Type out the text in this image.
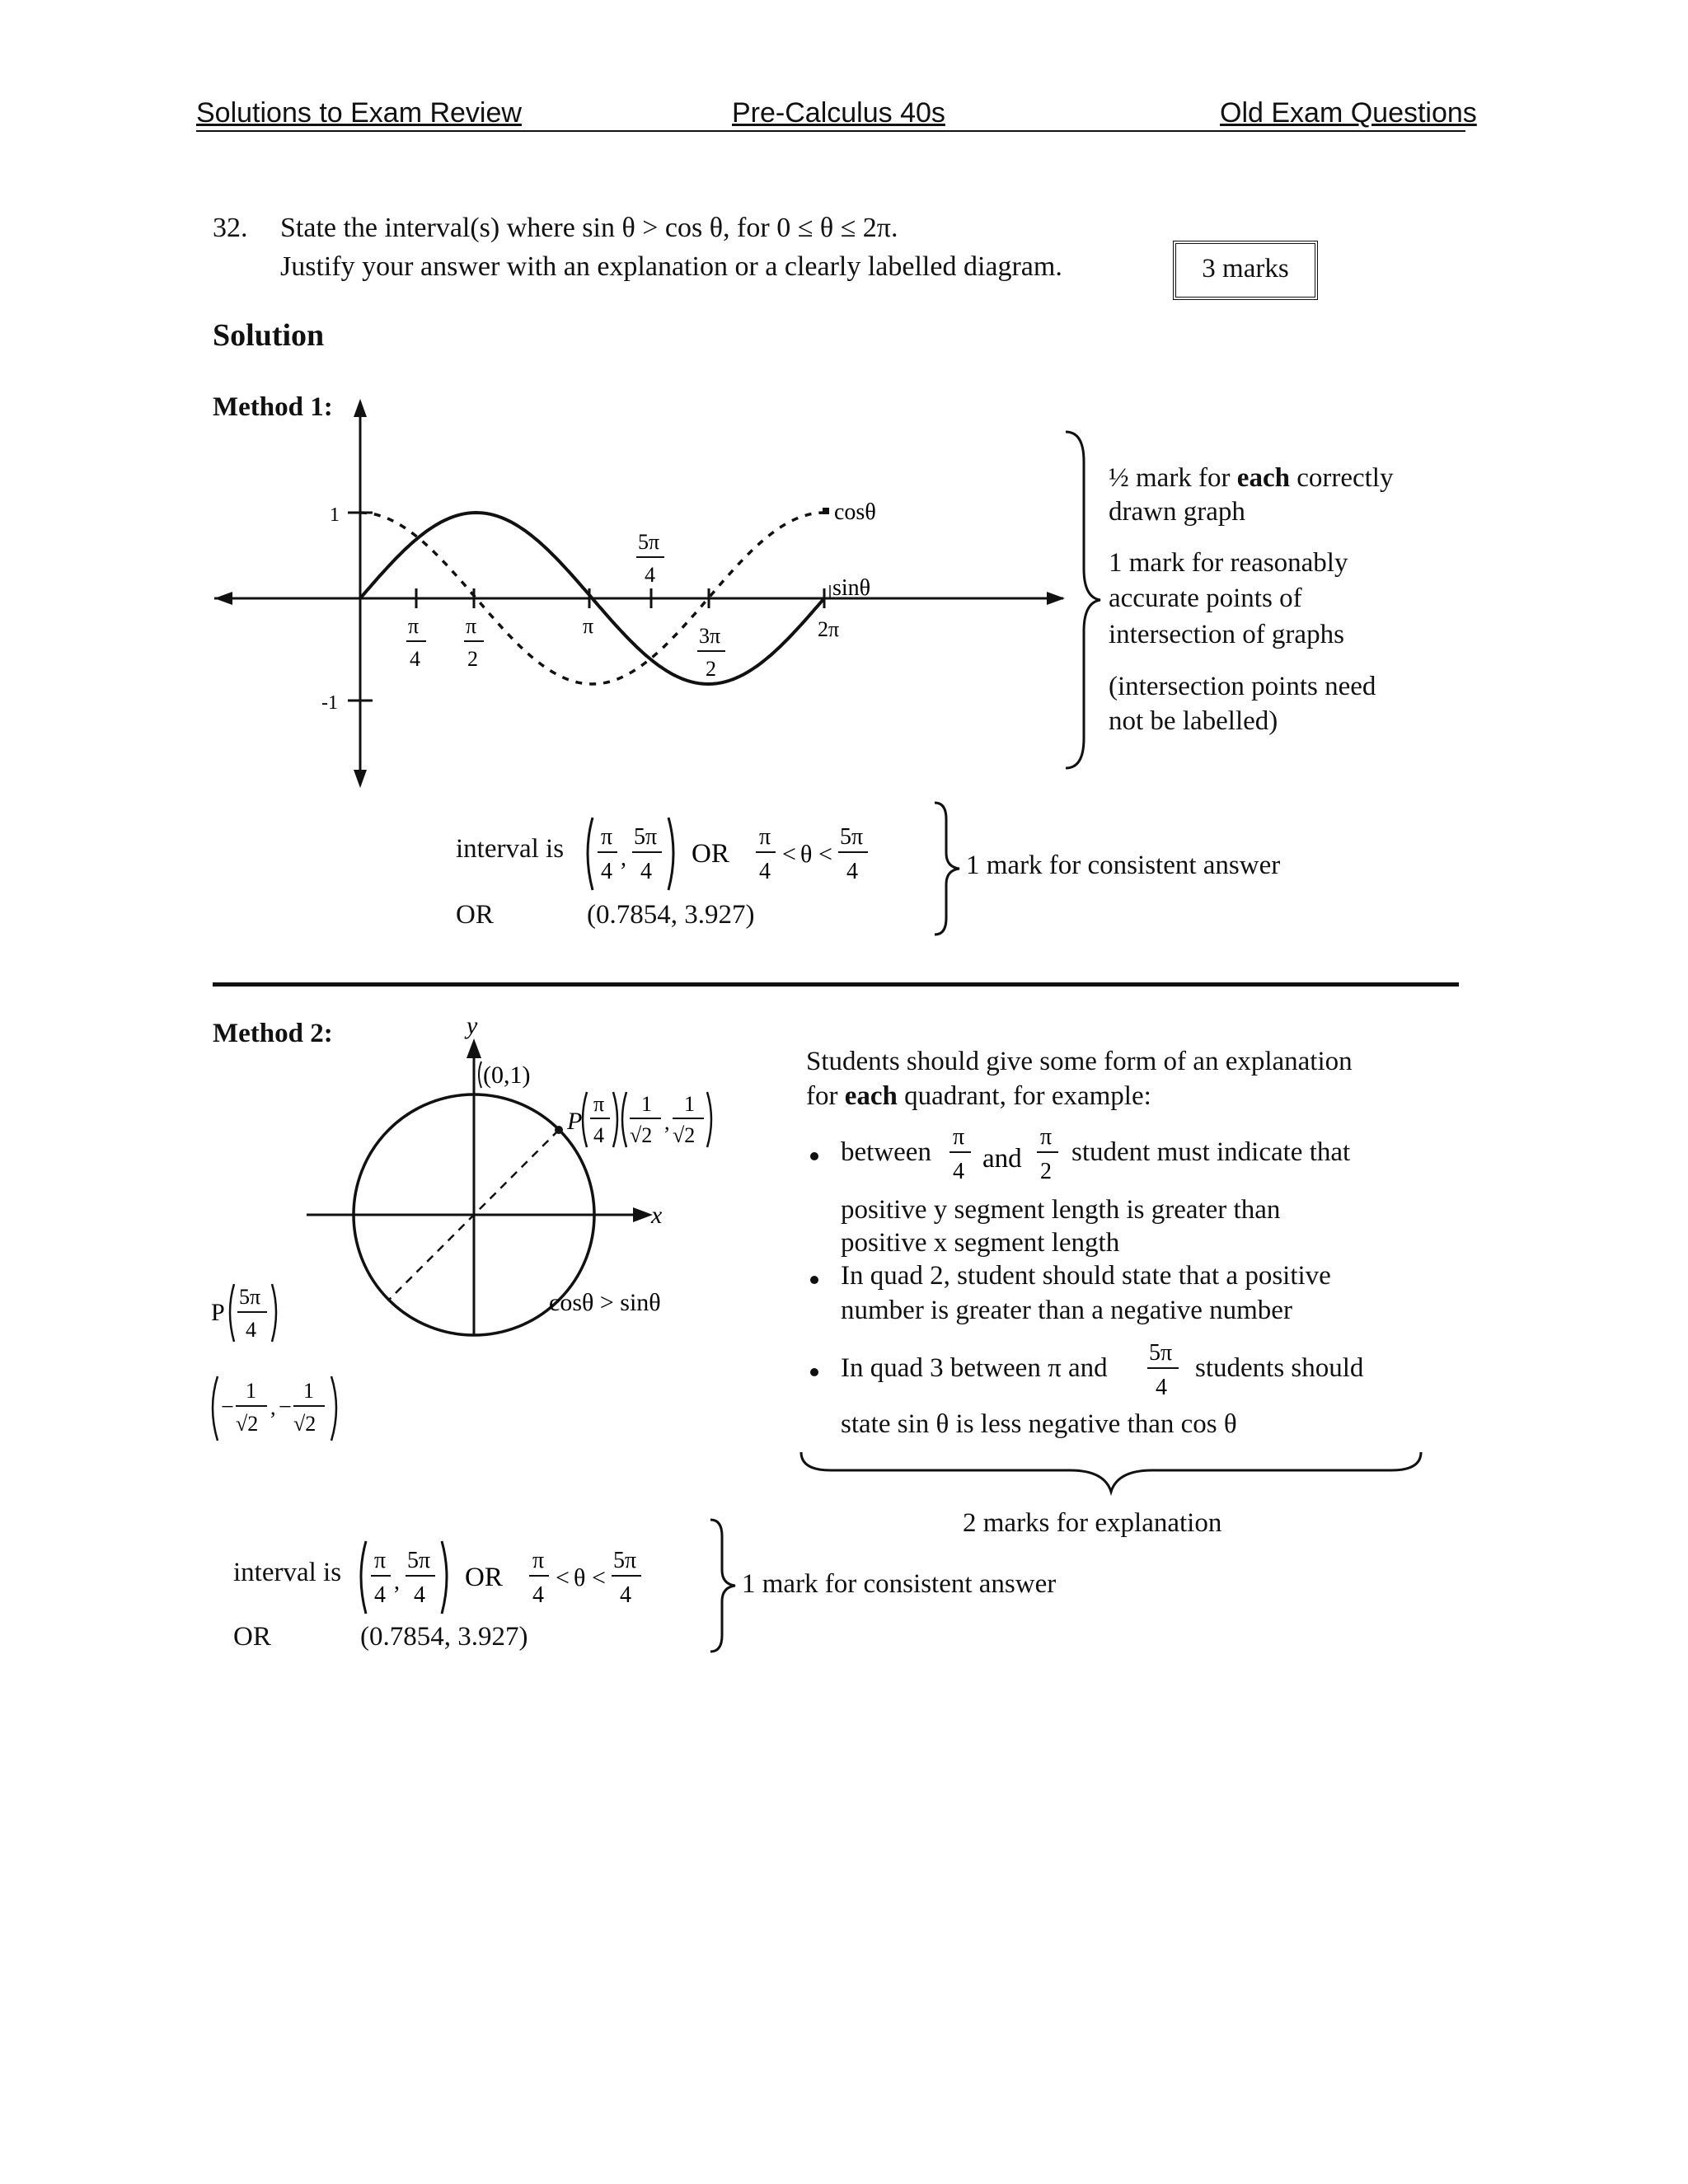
Solutions to Exam Review	Pre-Calculus 40s	Old Exam Questions
32. State the interval(s) where sin θ > cos θ, for 0 ≤ θ ≤ 2π.
Justify your answer with an explanation or a clearly labelled diagram.	3 marks
Solution
Method 1:
1
-1
π
4
π
2
π
5π
4
3π
2
2π
cosθ
sinθ
½ mark for each correctly
drawn graph
1 mark for reasonably
accurate points of
intersection of graphs
(intersection points need
not be labelled)
interval is π
4
,
5π
4
OR
π
4
< θ <
5π
4
OR	(0.7854, 3.927)
1 mark for consistent answer
Method 2:	y
x
(0,1)
P
π
4
1
√2
,
1
√2
cosθ > sinθ
P
5π
4
−
1
√2
, −
1
√2
Students should give some form of an explanation
for each quadrant, for example:
between
π
4 and
π
2
student must indicate that
positive y segment length is greater than
positive x segment length
In quad 2, student should state that a positive
number is greater than a negative number
In quad 3 between π and
5π
4
students should
state sin θ is less negative than cos θ
2 marks for explanation
interval is π
4
,
5π
4
OR
π
4
< θ <
5π
4
OR	(0.7854, 3.927)
1 mark for consistent answer
